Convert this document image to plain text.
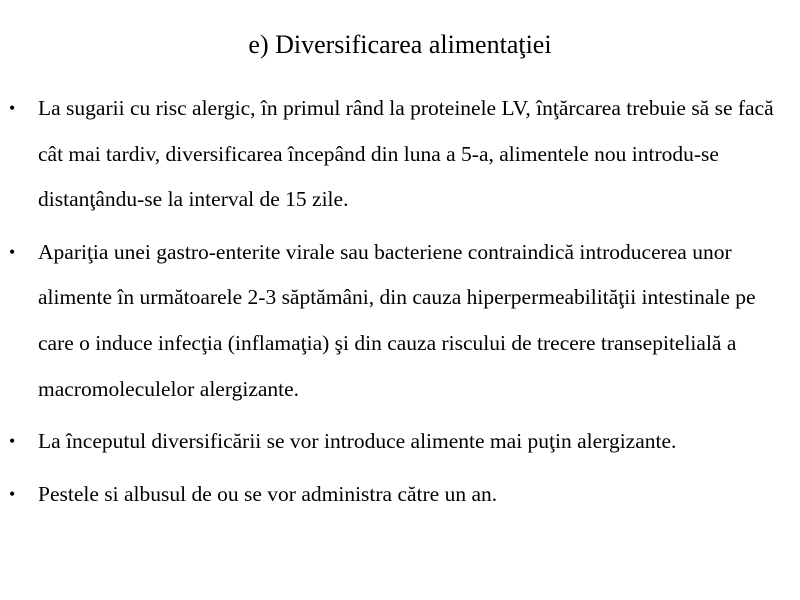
e) Diversificarea alimentaţiei
•	La sugarii cu risc alergic, în primul rând la proteinele LV, înţărcarea trebuie să se facă cât mai tardiv, diversificarea începând din luna a 5-a, alimentele nou introdu-se distanţându-se la interval de 15 zile.
•	Apariţia unei gastro-enterite virale sau bacteriene contraindică introducerea unor alimente în următoarele 2-3 săptămâni, din cauza hiperpermeabilităţii intestinale pe care o induce infecţia (inflamaţia) şi din cauza riscului de trecere transepitelială a macromoleculelor alergizante.
•	La începutul diversificării se vor introduce alimente mai puţin alergizante.
•	Pestele si albusul de ou se vor administra către un an.
